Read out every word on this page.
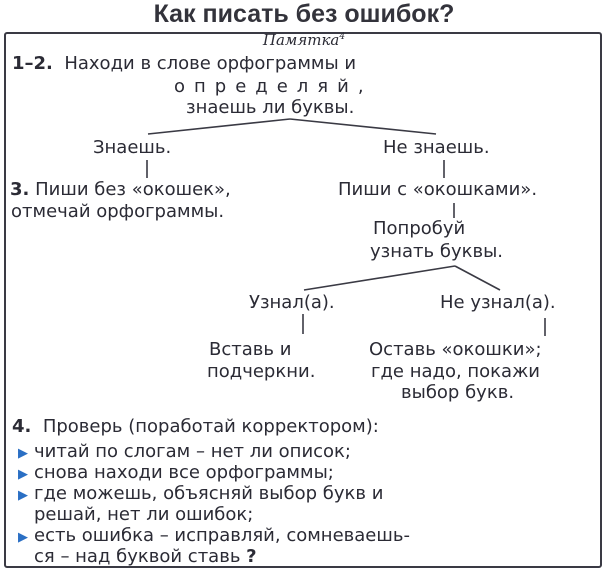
Как писать без ошибок?
Памятка$^4$
1–2. Находи в слове орфограммы и
определяй,
знаешь ли буквы.
Знаешь.	Не знаешь.
3. Пиши без «окошек»,
отмечай орфограммы.
Пиши с «окошками».
Попробуй
узнать буквы.
Узнал(а).	Не узнал(а).
Вставь и
подчеркни.
Оставь «окошки»;
где надо, покажи
выбор букв.
4. Проверь (поработай корректором):
▶ читай по слогам – нет ли описок;
▶ снова находи все орфограммы;
▶ где можешь, объясняй выбор букв и
решай, нет ли ошибок;
▶ есть ошибка – исправляй, сомневаешь-
ся – над буквой ставь ?
